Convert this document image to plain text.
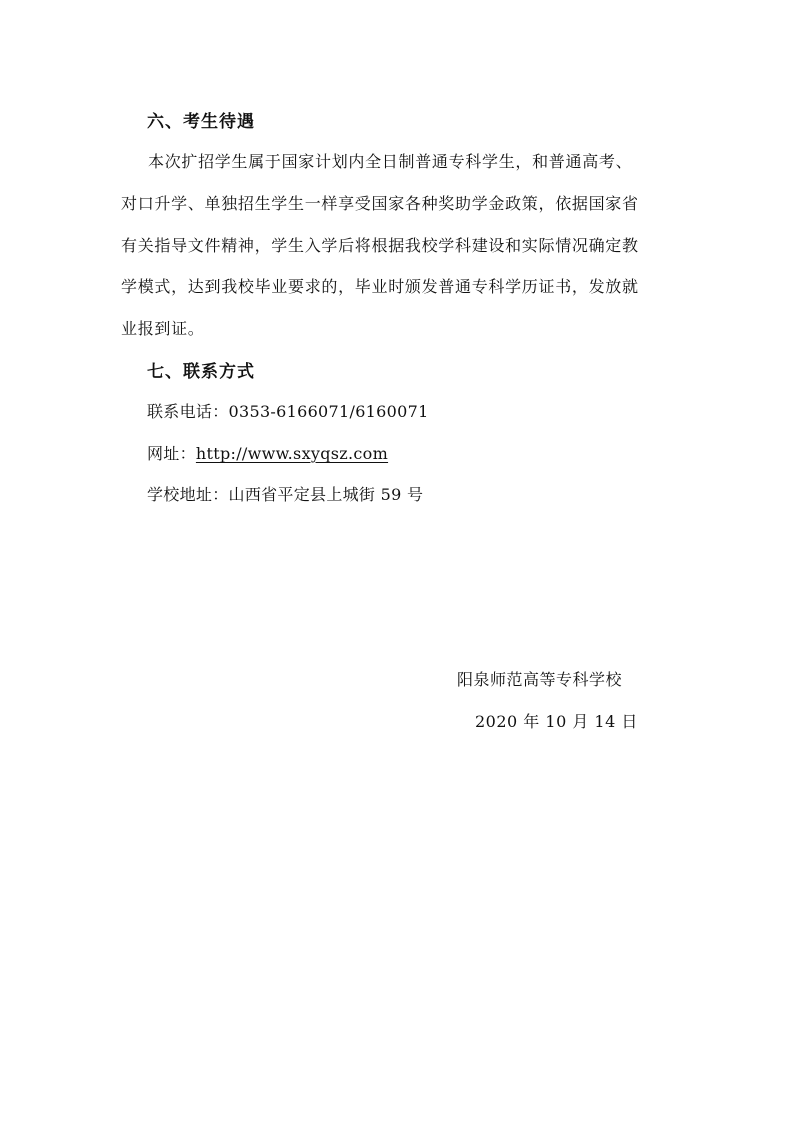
六、考生待遇
本次扩招学生属于国家计划内全日制普通专科学生，和普通高考、
对口升学、单独招生学生一样享受国家各种奖助学金政策，依据国家省
有关指导文件精神，学生入学后将根据我校学科建设和实际情况确定教
学模式，达到我校毕业要求的，毕业时颁发普通专科学历证书，发放就
业报到证。
七、联系方式
联系电话：0353-6166071/6160071
网址：http://www.sxyqsz.com
学校地址：山西省平定县上城街 59 号
阳泉师范高等专科学校
2020 年 10 月 14 日
